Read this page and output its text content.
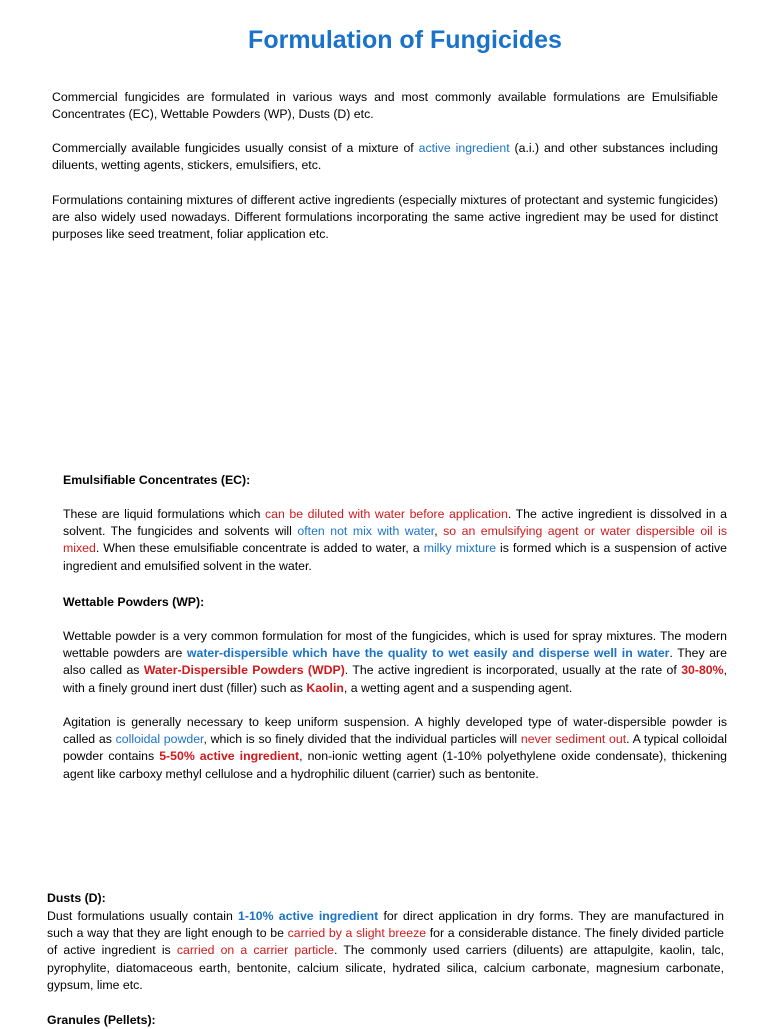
Formulation of Fungicides

Commercial fungicides are formulated in various ways and most commonly available formulations are Emulsifiable Concentrates (EC), Wettable Powders (WP), Dusts (D) etc.

Commercially available fungicides usually consist of a mixture of active ingredient (a.i.) and other substances including diluents, wetting agents, stickers, emulsifiers, etc.

Formulations containing mixtures of different active ingredients (especially mixtures of protectant and systemic fungicides) are also widely used nowadays. Different formulations incorporating the same active ingredient may be used for distinct purposes like seed treatment, foliar application etc.

Emulsifiable Concentrates (EC):

These are liquid formulations which can be diluted with water before application. The active ingredient is dissolved in a solvent. The fungicides and solvents will often not mix with water, so an emulsifying agent or water dispersible oil is mixed. When these emulsifiable concentrate is added to water, a milky mixture is formed which is a suspension of active ingredient and emulsified solvent in the water.

Wettable Powders (WP):

Wettable powder is a very common formulation for most of the fungicides, which is used for spray mixtures. The modern wettable powders are water-dispersible which have the quality to wet easily and disperse well in water. They are also called as Water-Dispersible Powders (WDP). The active ingredient is incorporated, usually at the rate of 30-80%, with a finely ground inert dust (filler) such as Kaolin, a wetting agent and a suspending agent.

Agitation is generally necessary to keep uniform suspension. A highly developed type of water-dispersible powder is called as colloidal powder, which is so finely divided that the individual particles will never sediment out. A typical colloidal powder contains 5-50% active ingredient, non-ionic wetting agent (1-10% polyethylene oxide condensate), thickening agent like carboxy methyl cellulose and a hydrophilic diluent (carrier) such as bentonite.

Dusts (D):

Dust formulations usually contain 1-10% active ingredient for direct application in dry forms. They are manufactured in such a way that they are light enough to be carried by a slight breeze for a considerable distance. The finely divided particle of active ingredient is carried on a carrier particle. The commonly used carriers (diluents) are attapulgite, kaolin, talc, pyrophylite, diatomaceous earth, bentonite, calcium silicate, hydrated silica, calcium carbonate, magnesium carbonate, gypsum, lime etc.

Granules (Pellets):
